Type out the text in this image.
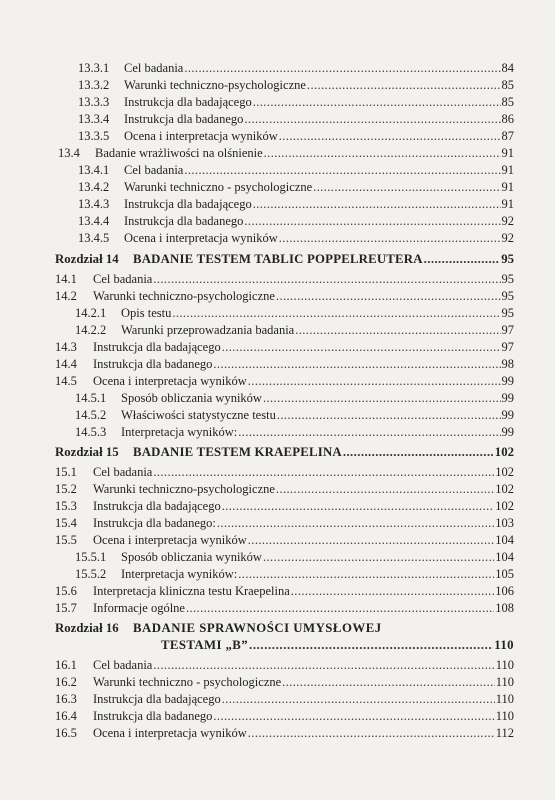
13.3.1 Cel badania .....	84
13.3.2 Warunki techniczno-psychologiczne .....	85
13.3.3 Instrukcja dla badającego .....	85
13.3.4 Instrukcja dla badanego .....	86
13.3.5 Ocena i interpretacja wyników .....	87
13.4 Badanie wrażliwości na olśnienie .....	91
13.4.1 Cel badania .....	91
13.4.2 Warunki techniczno - psychologiczne .....	91
13.4.3 Instrukcja dla badającego .....	91
13.4.4 Instrukcja dla badanego .....	92
13.4.5 Ocena i interpretacja wyników .....	92
Rozdział 14 BADANIE TESTEM TABLIC POPPELREUTERA .....	95
14.1 Cel badania .....	95
14.2 Warunki techniczno-psychologiczne .....	95
14.2.1 Opis testu .....	95
14.2.2 Warunki przeprowadzania badania .....	97
14.3 Instrukcja dla badającego .....	97
14.4 Instrukcja dla badanego .....	98
14.5 Ocena i interpretacja wyników .....	99
14.5.1 Sposób obliczania wyników .....	99
14.5.2 Właściwości statystyczne testu .....	99
14.5.3 Interpretacja wyników: .....	99
Rozdział 15 BADANIE TESTEM KRAEPELINA .....	102
15.1 Cel badania .....	102
15.2 Warunki techniczno-psychologiczne .....	102
15.3 Instrukcja dla badającego .....	102
15.4 Instrukcja dla badanego: .....	103
15.5 Ocena i interpretacja wyników .....	104
15.5.1 Sposób obliczania wyników .....	104
15.5.2 Interpretacja wyników: .....	105
15.6 Interpretacja kliniczna testu Kraepelina .....	106
15.7 Informacje ogólne .....	108
Rozdział 16 BADANIE SPRAWNOŚCI UMYSŁOWEJ
TESTAMI „B” .....	110
16.1 Cel badania .....	110
16.2 Warunki techniczno - psychologiczne .....	110
16.3 Instrukcja dla badającego .....	110
16.4 Instrukcja dla badanego .....	110
16.5 Ocena i interpretacja wyników .....	112
